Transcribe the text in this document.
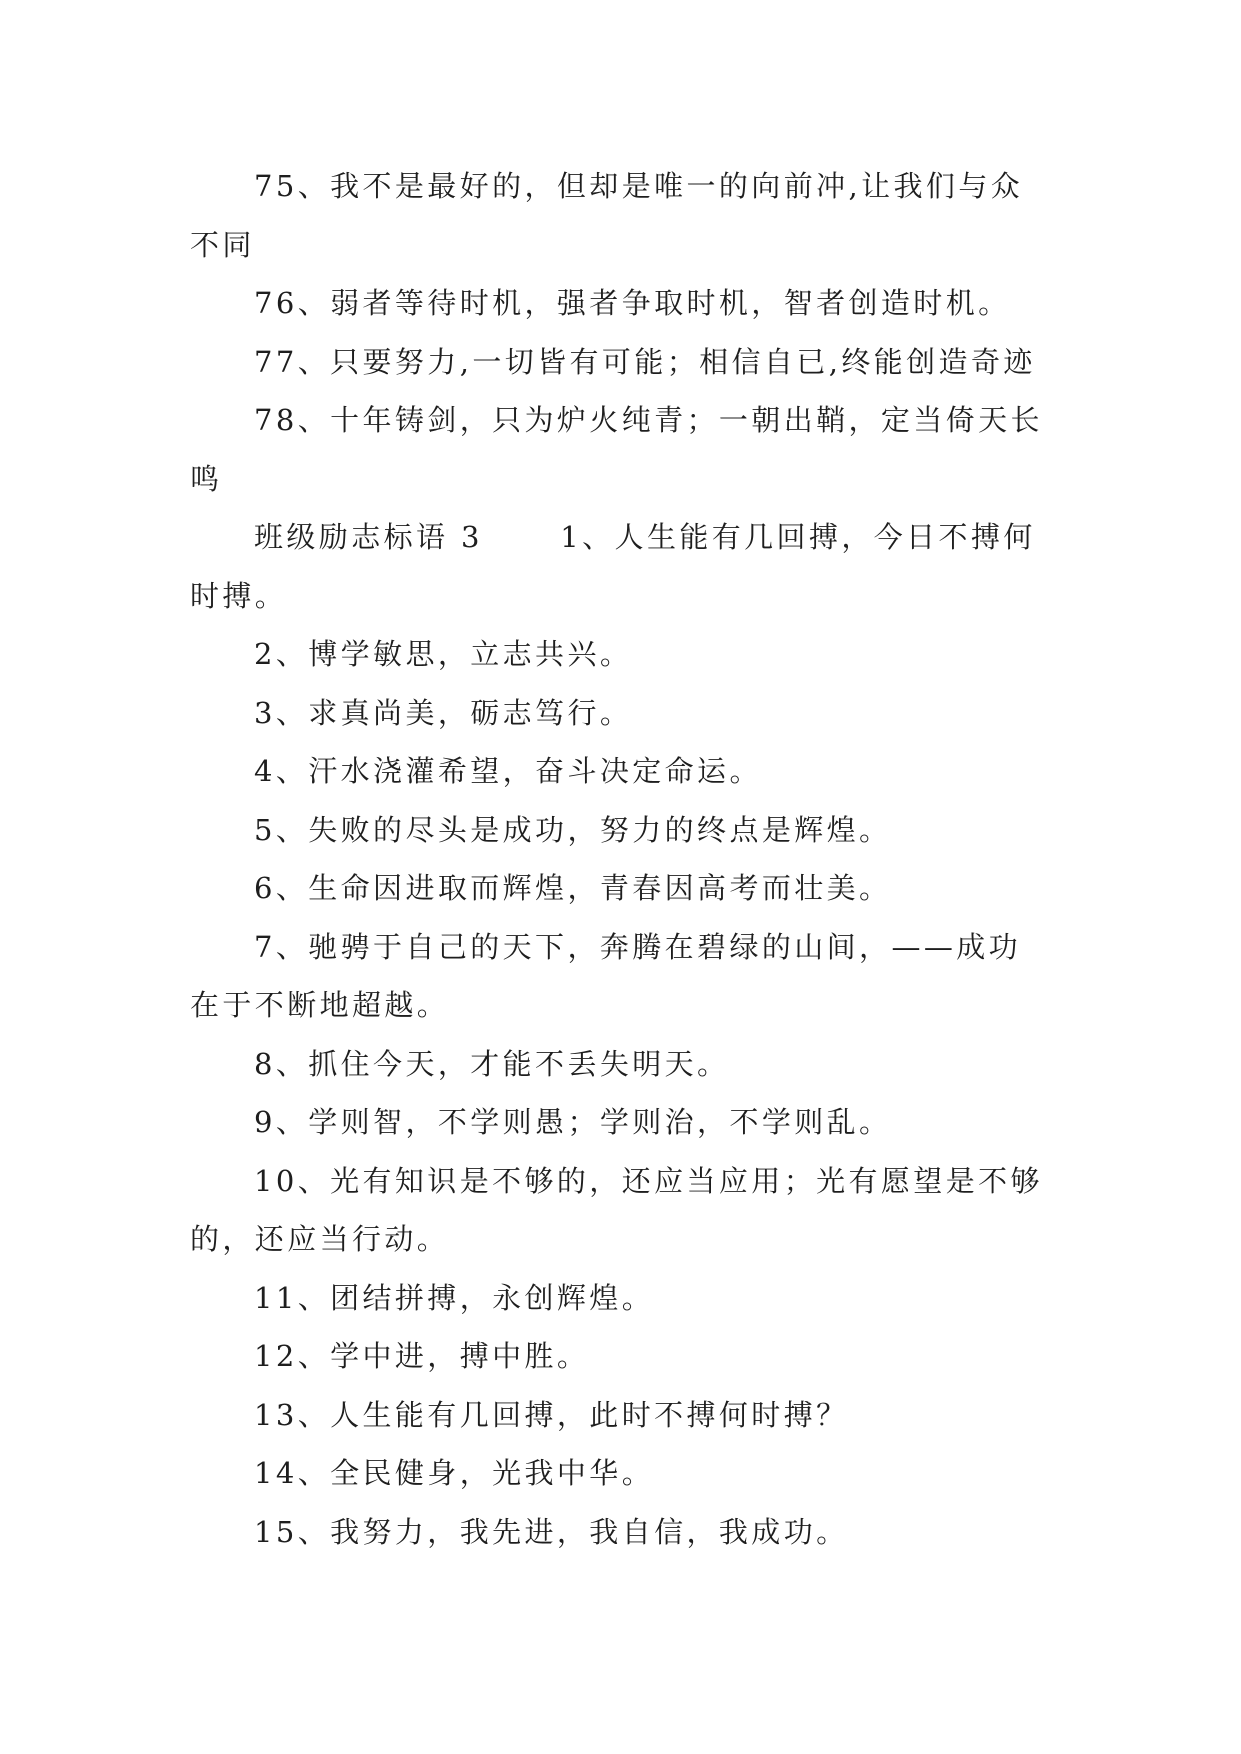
75、我不是最好的，但却是唯一的向前冲,让我们与众不同

76、弱者等待时机，强者争取时机，智者创造时机。

77、只要努力,一切皆有可能；相信自已,终能创造奇迹

78、十年铸剑，只为炉火纯青；一朝出鞘，定当倚天长鸣

班级励志标语 3　　 1、人生能有几回搏，今日不搏何时搏。

2、博学敏思，立志共兴。

3、求真尚美，砺志笃行。

4、汗水浇灌希望，奋斗决定命运。

5、失败的尽头是成功，努力的终点是辉煌。

6、生命因进取而辉煌，青春因高考而壮美。

7、驰骋于自己的天下，奔腾在碧绿的山间，——成功在于不断地超越。

8、抓住今天，才能不丢失明天。

9、学则智，不学则愚；学则治，不学则乱。

10、光有知识是不够的，还应当应用；光有愿望是不够的，还应当行动。

11、团结拼搏，永创辉煌。

12、学中进，搏中胜。

13、人生能有几回搏，此时不搏何时搏？

14、全民健身，光我中华。

15、我努力，我先进，我自信，我成功。
